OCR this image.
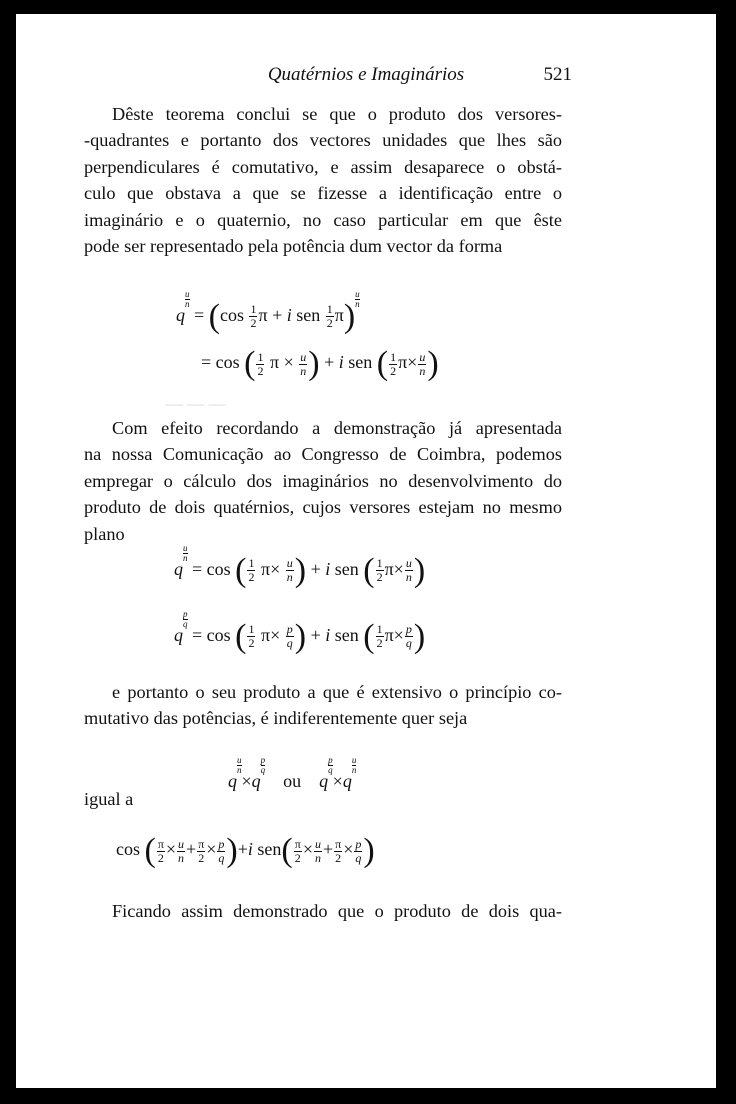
— — —
Quatérnios e Imaginários	521
Dêste teorema conclui se que o produto dos versores-
-quadrantes e portanto dos vectores unidades que lhes são
perpendiculares é comutativo, e assim desaparece o obstá-
culo que obstava a que se fizesse a identificação entre o
imaginário e o quaternio, no caso particular em que êste
pode ser representado pela potência dum vector da forma
q
$\frac{u}{n}$
= ($\cos \frac{1}{2}$ π + i sen $\frac{1}{2} \pi) \frac{u}{n}$
= cos ( $\frac{1}{2}$ $\pi \times \frac{u}{n}$ ) + i sen ( $\frac{1}{2} \pi\times \frac{u}{n}$ )
Com efeito recordando a demonstração já apresentada
na nossa Comunicação ao Congresso de Coimbra, podemos
empregar o cálculo dos imaginários no desenvolvimento do
produto de dois quatérnios, cujos versores estejam no mesmo
plano
q
$\frac{u}{n}$
= cos ( $\frac{1}{2} \pi\times \frac{u}{n}$ ) + i sen ( $\frac{1}{2} \pi\times \frac{u}{n}$ )
q
$\frac{p}{q}$
= cos ( $\frac{1}{2} \pi\times \frac{p}{q}$ ) + i sen ( $\frac{1}{2} \pi\times \frac{p}{q}$ )
e portanto o seu produto a que é extensivo o princípio co-
mutativo das potências, é indiferentemente quer seja
q
$\frac{u}{n}$
×q
$\frac{p}{q}$
ou q
$\frac{p}{q}$
×q
$\frac{u}{n}$
igual a
cos ( $\frac{\pi}{2} \times \frac{u}{n} + \frac{\pi}{2} \times \frac{p}{q} )+i$ $sen( \frac{\pi}{2} \times \frac{u}{n} + \frac{\pi}{2} \times \frac{p}{q}$ )
Ficando assim demonstrado que o produto de dois qua-
